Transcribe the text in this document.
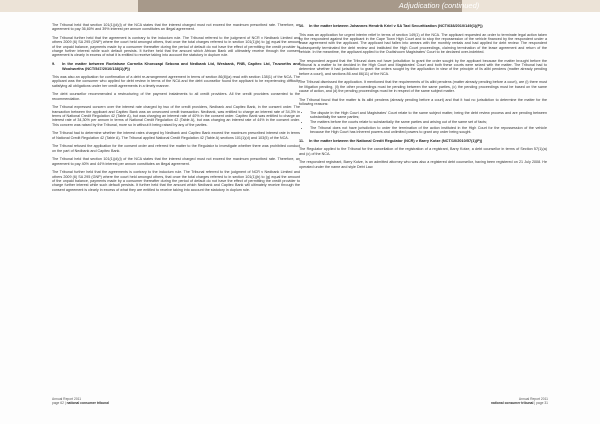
Adjudication (continued)

The Tribunal held that section 101(1)(d)(i) of the NCA states that the interest charged must not exceed the maximum prescribed rate. Therefore, an agreement to pay 36,60% and 39% interest per annum constitutes an illegal agreement.

The Tribunal further held that the agreement is contrary to the inducium rule. The Tribunal referred to the judgment of NCR v Nedbank Limited and others 2009 (6) SA 295 (GNP) where the court held amongst others, that once the total charges referred to in section 101(1)(b) to (g) equal the amount of the unpaid balance, payments made by a consumer thereafter during the period of default do not have the effect of permitting the credit provider to charge further interest while such default persists. It further held that the amount which African Bank will ultimately receive through the consent agreement is clearly in excess of what it is entitled to receive taking into account the statutory in duplum rule.

9. In the matter between Roelatswe Cornelia Khorozapi Sebona and Nedbank Ltd, Wesbank, FNB, Capitec Ltd, Truworths and Woolworths (NCT/547/2010/138(1)(P))

This was also an application for confirmation of a debt re-arrangement agreement in terms of section 86(8)(a) read with section 138(1) of the NCA. The applicant was the consumer who applied for debt review in terms of the NCA and the debt counsellor found the applicant to be experiencing difficulty satisfying all obligations under her credit agreements in a timely manner.

The debt counsellor recommended a restructuring of the payment instalments to all credit providers. All the credit providers consented to the recommendation.

The Tribunal expressed concern over the interest rate charged by two of the credit providers, Nedbank and Capitec Bank, in the consent order. The transaction between the applicant and Capitec Bank was an unsecured credit transaction. Nedbank, was entitled to charge an interest rate of 34,3% in terms of National Credit Regulation 42 (Table A), but was charging an interest rate of 40% in the consent order. Capitec Bank was entitled to charge an interest rate of 34,30% per annum in terms of National Credit Regulation 42 (Table A), but was charging an interest rate of 44% in the consent order. This concern was raised by the Tribunal, more so in without it being raised by any of the parties.

The Tribunal had to determine whether the interest rates charged by Nedbank and Capitec Bank exceed the maximum prescribed interest rate in terms of National Credit Regulation 42 (Table A). The Tribunal applied National Credit Regulation 42 (Table A) sections 101(1)(d) and 103(5) of the NCA.

The Tribunal refused the application for the consent order and referred the matter to the Regulator to investigate whether there was prohibited conduct on the part of Nedbank and Capitec Bank.

The Tribunal held that section 101(1)(d)(i) of the NCA states that the interest charged must not exceed the maximum prescribed rate. Therefore, an agreement to pay 40% and 44% interest per annum constitutes an illegal agreement.

The Tribunal further held that the agreements is contrary to the inducium rule. The Tribunal referred to the judgment of NCR v Nedbank Limited and others 2009 (6) SA 295 (GNP) where the court held amongst others, that once the total charges referred to in section 101(1)(b) to (g) equal the amount of the unpaid balance, payments made by a consumer thereafter during the period of default do not have the effect of permitting the credit provider to charge further interest while such default persists. It further held that the amount which Nedbank and Capitec Bank will ultimately receive through the consent agreement is clearly in excess of what they are entitled to receive taking into account the statutory in duplum rule.

10. In the matter between Johannes Hendrik Kriel v SA Taxi Securitization (NCT/638/2010/149(1)(P))

This was an application for urgent interim relief in terms of section 149(1) of the NCA. The applicant requested an order to terminate legal action taken by the respondent against the applicant in the Cape Town High Court and to stop the repossession of the vehicle financed by the respondent under a lease agreement with the applicant. The applicant had fallen into arrears with the monthly rentals and had applied for debt review. The respondent subsequently terminated the debt review and instituted the High Court proceedings, claiming termination of the lease agreement and return of the vehicle. In the meantime, the applicant applied to the Oudtshoorn Magistrates' Court to be declared over-indebted.

The respondent argued that the Tribunal does not have jurisdiction to grant the order sought by the applicant because the matter brought before the Tribunal is a matter to be decided in the High Court and Magistrates' Court and both these courts were seized with the matter. The Tribunal had to determine whether it had jurisdiction to grant the orders sought by the application in view of the principle of lis alibi pendens (matter already pending before a court), and sections 86 and 86(11) of the NCA.

The Tribunal dismissed the application. It mentioned that the requirements of lis alibi pendens (matter already pending before a court), are (i) there must be litigation pending, (ii) the other proceedings must be pending between the same parties, (c) the pending proceedings must be based on the same cause of action, and (d) the pending proceedings must be in respect of the same subject matter.

The Tribunal found that the matter is lis alibi pendens (already pending before a court) and that it had no jurisdiction to determine the matter for the following reasons:

The dispute in the High Court and Magistrates' Court relate to the same subject matter, being the debt review process and are pending between substantially the same parties;
The matters before the courts relate to substantially the same parties and arising out of the same set of facts;
The Tribunal does not have jurisdiction to order the termination of the action instituted in the High Court for the repossession of the vehicle because the High Court has inherent powers and unlimited powers to grant any order being sought.
11. In the matter between the National Credit Regulator (NCR) v Barry Kotze (NCT/10/2010/57(1)(P))

The Regulator applied to the Tribunal for the cancellation of the registration of a registrant, Barry Kotze, a debt counsellor in terms of Section 57(1)(a) and (c) of the NCA.

The respondent registrant, Barry Kotze, is an admitted attorney who was also a registered debt counsellor, having been registered on 21 July 2008. He operated under the name and style Debt Law.

Annual Report 2011
page 62 | national consumer tribunal
Annual Report 2011
national consumer tribunal | page 31
